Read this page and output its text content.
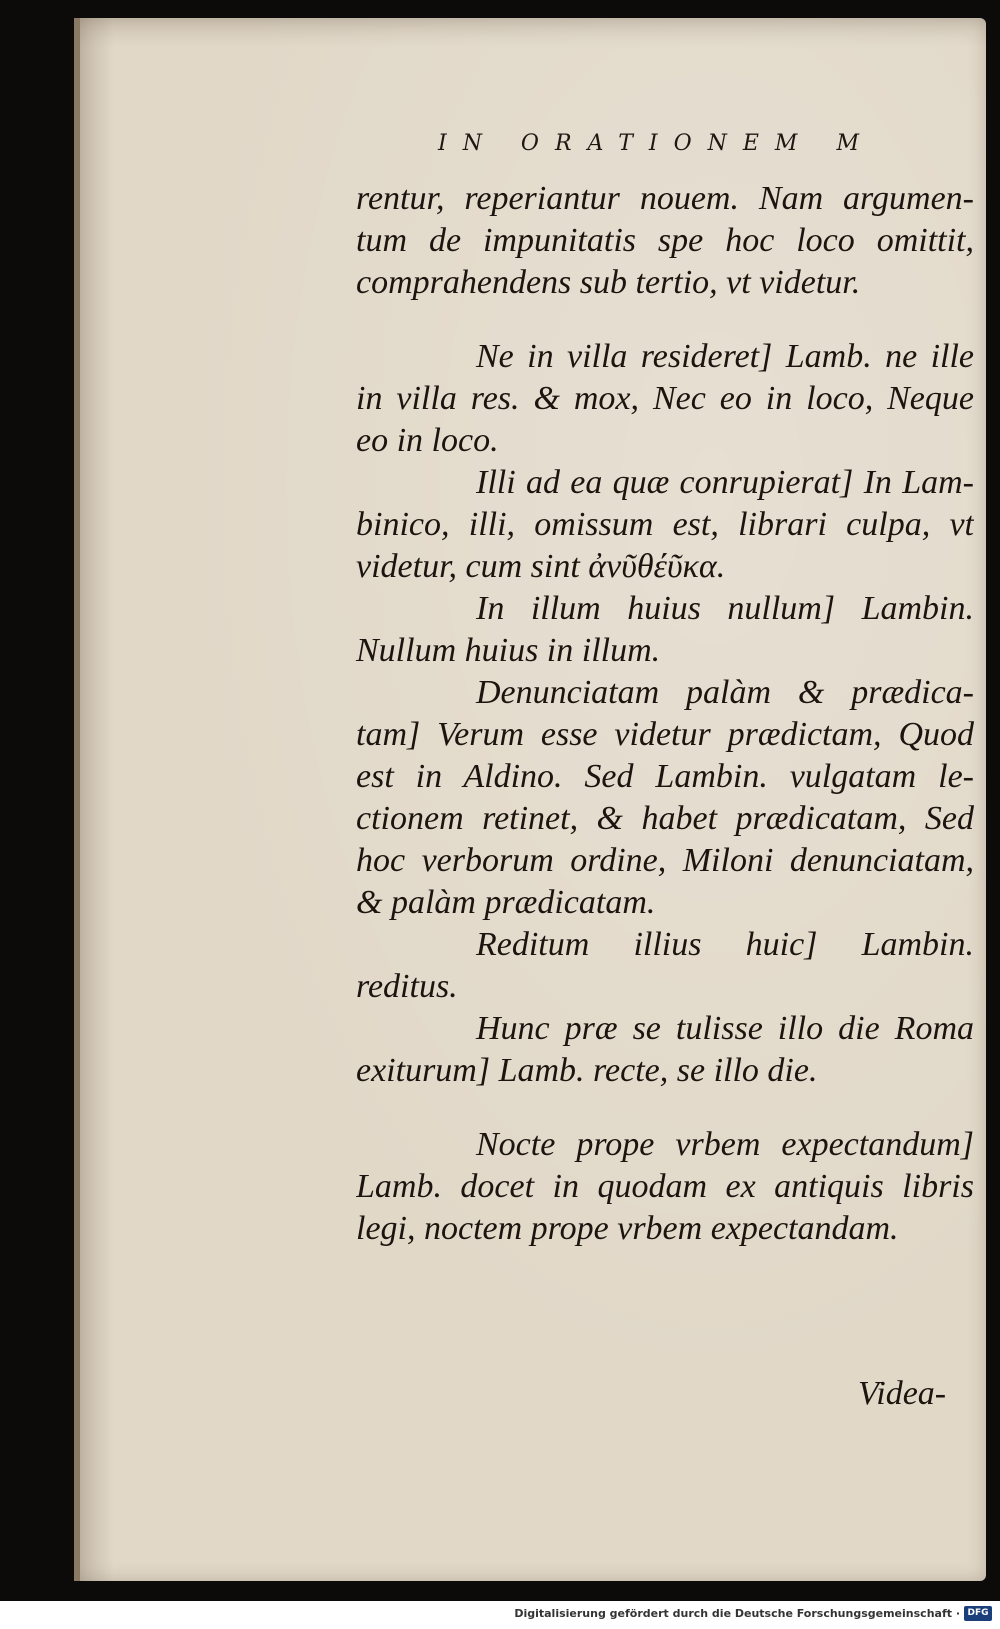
IN ORATIONEM M
rentur, reperiantur nouem. Nam argumen-
tum de impunitatis spe hoc loco omittit,
comprahendens sub tertio, vt videtur.
Ne in villa resideret] Lamb. ne ille
in villa res. & mox, Nec eo in loco, Neque
eo in loco.
Illi ad ea quæ conrupierat] In Lam-
binico, illi, omissum est, librari culpa, vt
videtur, cum sint ἀνῦθέῦκα.
In illum huius nullum] Lambin.
Nullum huius in illum.
Denunciatam palàm & prædica-
tam] Verum esse videtur prædictam, Quod
est in Aldino. Sed Lambin. vulgatam le-
ctionem retinet, & habet prædicatam, Sed
hoc verborum ordine, Miloni denunciatam,
& palàm prædicatam.
Reditum illius huic] Lambin.
reditus.
Hunc præ se tulisse illo die Roma
exiturum] Lamb. recte, se illo die.
Nocte prope vrbem expectandum]
Lamb. docet in quodam ex antiquis libris
legi, noctem prope vrbem expectandam.
Videa-
Digitalisierung gefördert durch die Deutsche Forschungsgemeinschaft · DFG
